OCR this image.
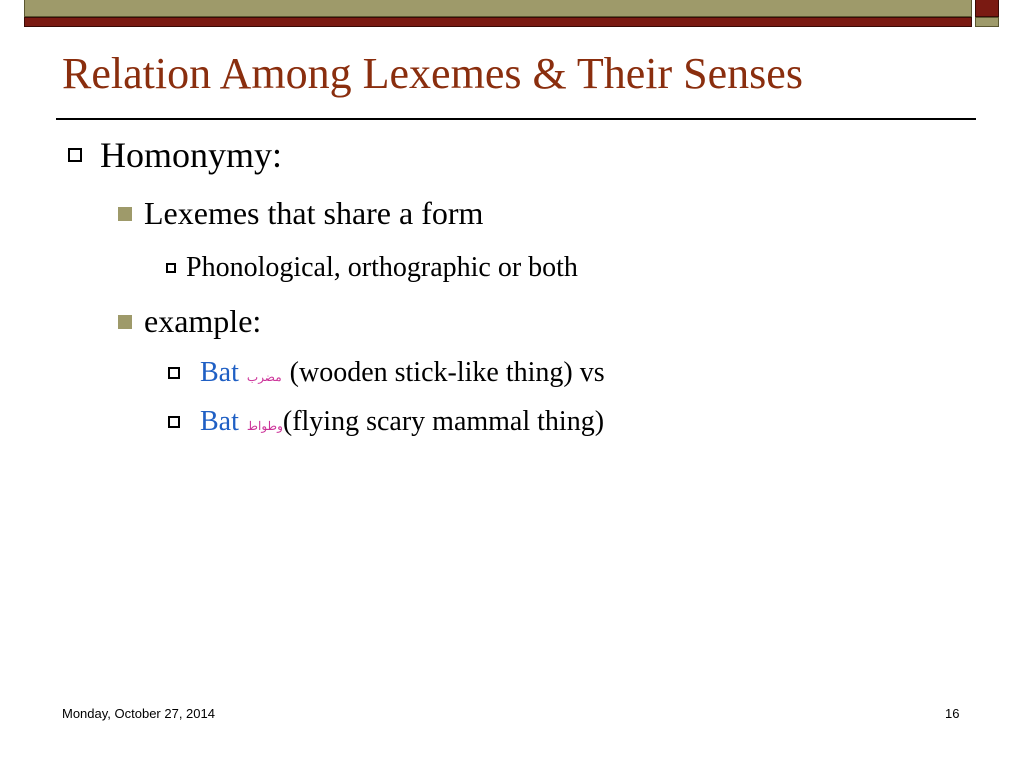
Relation Among Lexemes & Their Senses
Homonymy:
Lexemes that share a form
Phonological, orthographic or both
example:
Bat مضرب (wooden stick-like thing) vs
Bat وطواط (flying scary mammal thing)
Monday, October 27, 2014	16
